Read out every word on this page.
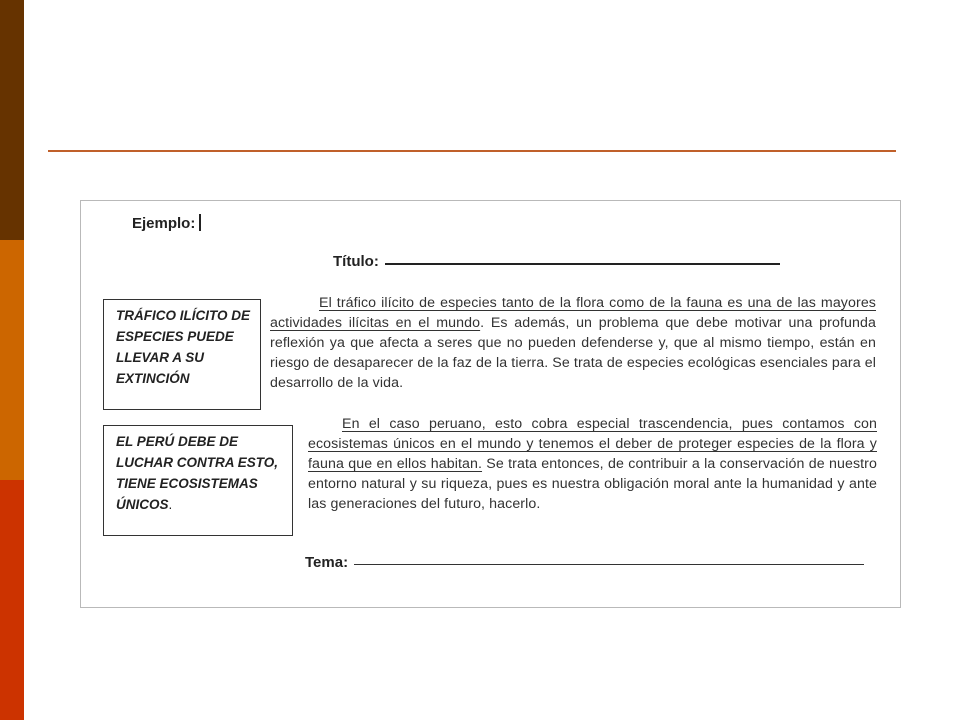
Ejemplo:
Título:
TRÁFICO ILÍCITO DE ESPECIES PUEDE LLEVAR A SU EXTINCIÓN
EL PERÚ DEBE DE LUCHAR CONTRA ESTO, TIENE ECOSISTEMAS ÚNICOS.
El tráfico ilícito de especies tanto de la flora como de la fauna es una de las mayores actividades ilícitas en el mundo. Es además, un problema que debe motivar una profunda reflexión ya que afecta a seres que no pueden defenderse y, que al mismo tiempo, están en riesgo de desaparecer de la faz de la tierra. Se trata de especies ecológicas esenciales para el desarrollo de la vida.
En el caso peruano, esto cobra especial trascendencia, pues contamos con ecosistemas únicos en el mundo y tenemos el deber de proteger especies de la flora y fauna que en ellos habitan. Se trata entonces, de contribuir a la conservación de nuestro entorno natural y su riqueza, pues es nuestra obligación moral ante la humanidad y ante las generaciones del futuro, hacerlo.
Tema:
